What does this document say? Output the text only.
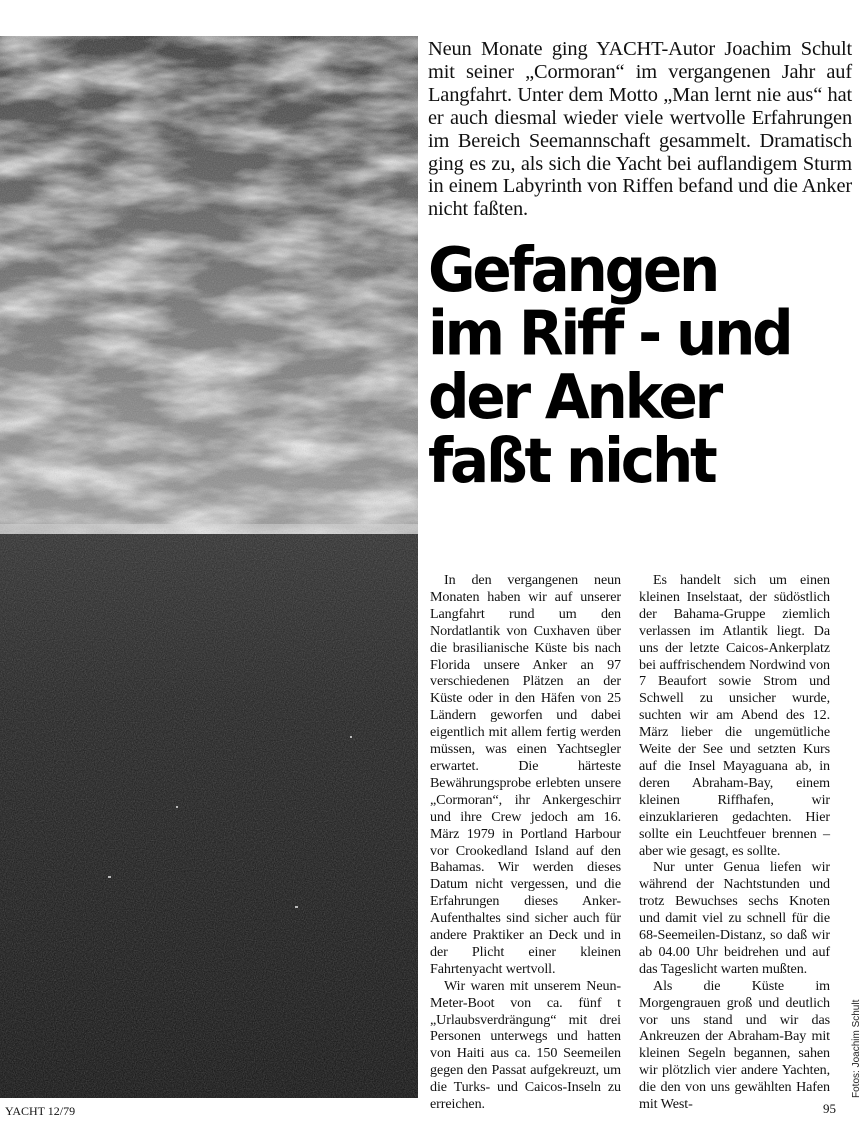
Neun Monate ging YACHT-Autor Joachim Schult mit seiner „Cormoran“ im vergangenen Jahr auf Langfahrt. Unter dem Motto „Man lernt nie aus“ hat er auch diesmal wieder viele wertvolle Erfahrungen im Bereich Seemannschaft gesammelt. Dramatisch ging es zu, als sich die Yacht bei auflandigem Sturm in einem Labyrinth von Riffen befand und die Anker nicht faßten.

Gefangen
im Riff - und
der Anker
faßt nicht

In den vergangenen neun Monaten haben wir auf unserer Langfahrt rund um den Nordatlantik von Cuxhaven über die brasilianische Küste bis nach Florida unsere Anker an 97 verschiedenen Plätzen an der Küste oder in den Häfen von 25 Ländern geworfen und dabei eigentlich mit allem fertig werden müssen, was einen Yachtsegler erwartet. Die härteste Bewährungsprobe erlebten unsere „Cormoran“, ihr Ankergeschirr und ihre Crew jedoch am 16. März 1979 in Portland Harbour vor Crookedland Island auf den Bahamas. Wir werden dieses Datum nicht vergessen, und die Erfahrungen dieses Anker-Aufenthaltes sind sicher auch für andere Praktiker an Deck und in der Plicht einer kleinen Fahrtenyacht wertvoll.

Wir waren mit unserem Neun-Meter-Boot von ca. fünf t „Urlaubsverdrängung“ mit drei Personen unterwegs und hatten von Haiti aus ca. 150 Seemeilen gegen den Passat aufgekreuzt, um die Turks- und Caicos-Inseln zu erreichen.

Es handelt sich um einen kleinen Inselstaat, der südöstlich der Bahama-Gruppe ziemlich verlassen im Atlantik liegt. Da uns der letzte Caicos-Ankerplatz bei auffrischendem Nordwind von 7 Beaufort sowie Strom und Schwell zu unsicher wurde, suchten wir am Abend des 12. März lieber die ungemütliche Weite der See und setzten Kurs auf die Insel Mayaguana ab, in deren Abraham-Bay, einem kleinen Riffhafen, wir einzuklarieren gedachten. Hier sollte ein Leuchtfeuer brennen – aber wie gesagt, es sollte.

Nur unter Genua liefen wir während der Nachtstunden und trotz Bewuchses sechs Knoten und damit viel zu schnell für die 68-Seemeilen-Distanz, so daß wir ab 04.00 Uhr beidrehen und auf das Tageslicht warten mußten.

Als die Küste im Morgengrauen groß und deutlich vor uns stand und wir das Ankreuzen der Abraham-Bay mit kleinen Segeln begannen, sahen wir plötzlich vier andere Yachten, die den von uns gewählten Hafen mit West-

Fotos: Joachim Schult
YACHT 12/79	95
